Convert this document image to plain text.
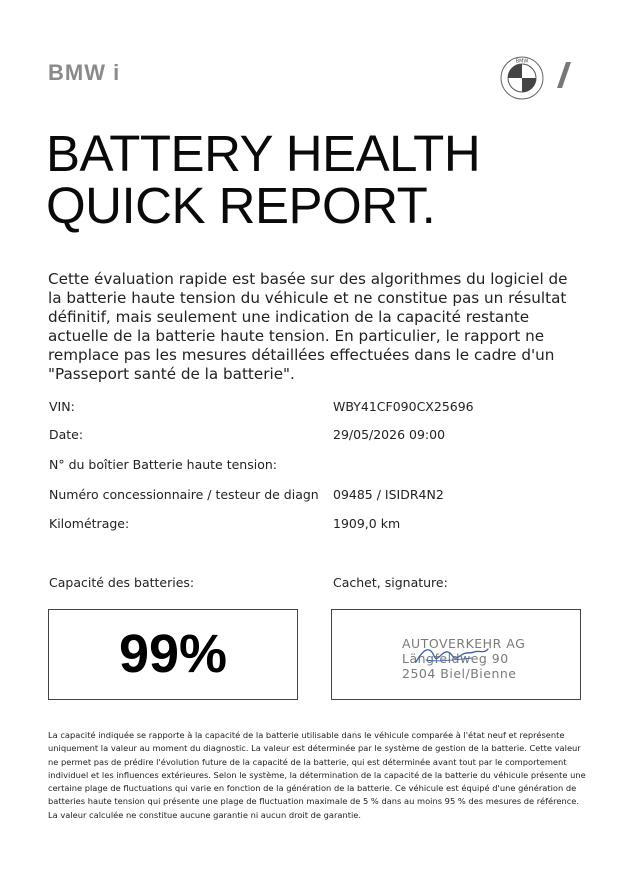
BMW i	BMW
BATTERY HEALTH
QUICK REPORT.

Cette évaluation rapide est basée sur des algorithmes du logiciel de la batterie haute tension du véhicule et ne constitue pas un résultat définitif, mais seulement une indication de la capacité restante actuelle de la batterie haute tension. En particulier, le rapport ne remplace pas les mesures détaillées effectuées dans le cadre d'un "Passeport santé de la batterie".

VIN:	WBY41CF090CX25696
Date:	29/05/2026 09:00
N° du boîtier Batterie haute tension:
Numéro concessionnaire / testeur de diagn 09485 / ISIDR4N2
Kilométrage:	1909,0 km
Capacité des batteries:	Cachet, signature:
99%	AUTOVERKEHR AG
Längfeldweg 90
2504 Biel/Bienne

La capacité indiquée se rapporte à la capacité de la batterie utilisable dans le véhicule comparée à l'état neuf et représente uniquement la valeur au moment du diagnostic. La valeur est déterminée par le système de gestion de la batterie. Cette valeur ne permet pas de prédire l'évolution future de la capacité de la batterie, qui est déterminée avant tout par le comportement individuel et les influences extérieures. Selon le système, la détermination de la capacité de la batterie du véhicule présente une certaine plage de fluctuations qui varie en fonction de la génération de la batterie. Ce véhicule est équipé d'une génération de batteries haute tension qui présente une plage de fluctuation maximale de 5 % dans au moins 95 % des mesures de référence. La valeur calculée ne constitue aucune garantie ni aucun droit de garantie.
